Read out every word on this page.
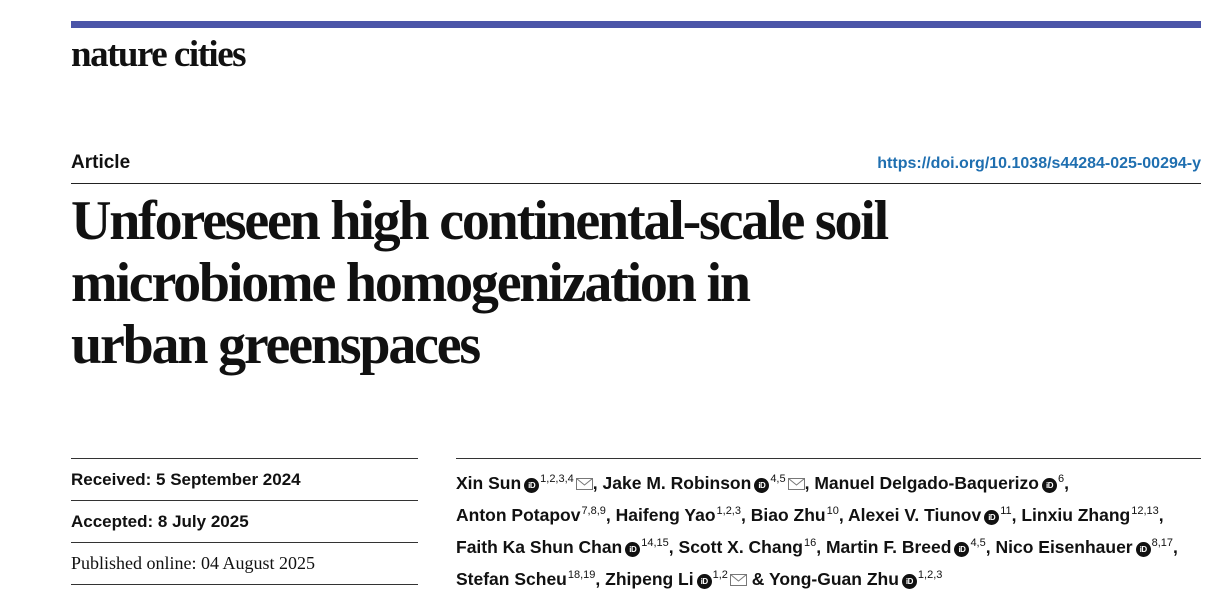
nature cities
Article	https://doi.org/10.1038/s44284-025-00294-y
Unforeseen high continental-scale soil
microbiome homogenization in
urban greenspaces
Received: 5 September 2024
Accepted: 8 July 2025
Published online: 04 August 2025
Xin Sun iD$^{1,2,3,4}$ , Jake M. Robinson iD$^{4,5}$ , Manuel Delgado-Baquerizo iD$^6$, Anton Potapov$^{7,8,9}$, Haifeng Yao$^{1,2,3}$, Biao Zhu$^{10}$, Alexei V. Tiunov iD$^{11}$, Linxiu Zhang$^{12,13}$, Faith Ka Shun Chan iD$^{14,15}$, Scott X. Chang$^{16}$, Martin F. Breed iD$^{4,5}$, Nico Eisenhauer iD$^{8,17}$, Stefan Scheu$^{18,19}$, Zhipeng Li iD$^{1,2}$ & Yong-Guan Zhu iD$^{1,2,3}$
